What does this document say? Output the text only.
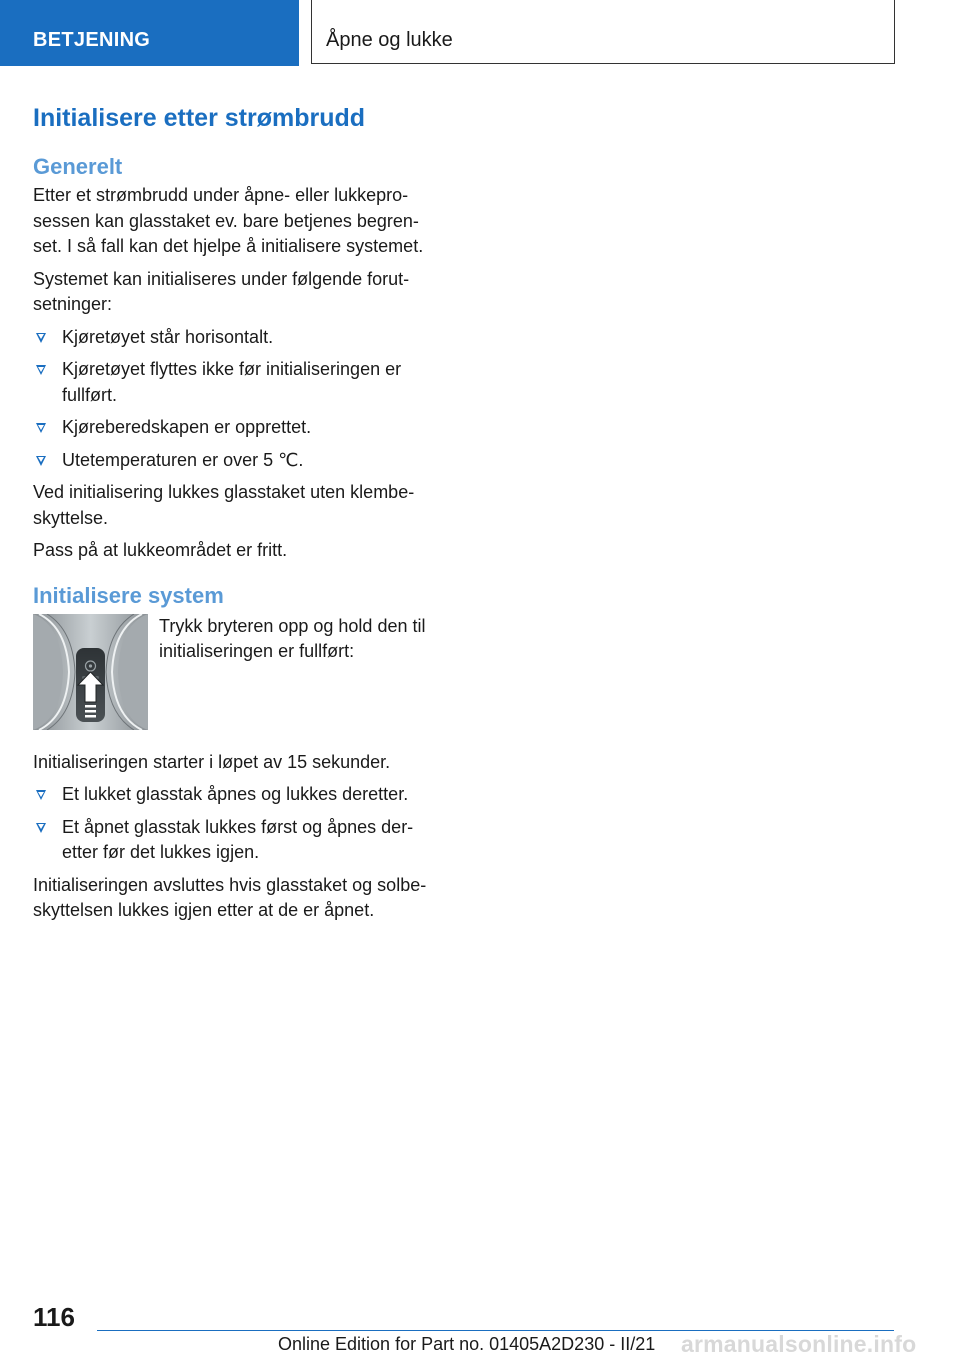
BETJENING	Åpne og lukke
Initialisere etter strømbrudd
Generelt

Etter et strømbrudd under åpne- eller lukkepro-
sessen kan glasstaket ev. bare betjenes begren-
set. I så fall kan det hjelpe å initialisere systemet.

Systemet kan initialiseres under følgende forut-
setninger:

Kjøretøyet står horisontalt.
Kjøretøyet flyttes ikke før initialiseringen er
fullført.
Kjøreberedskapen er opprettet.
Utetemperaturen er over 5 ℃.

Ved initialisering lukkes glasstaket uten klembe-
skyttelse.

Pass på at lukkeområdet er fritt.

Initialisere system
Trykk bryteren opp og hold den til
initialiseringen er fullført:

Initialiseringen starter i løpet av 15 sekunder.

Et lukket glasstak åpnes og lukkes deretter.
Et åpnet glasstak lukkes først og åpnes der-
etter før det lukkes igjen.

Initialiseringen avsluttes hvis glasstaket og solbe-
skyttelsen lukkes igjen etter at de er åpnet.

116
Online Edition for Part no. 01405A2D230 - II/21 armanualsonline.info
